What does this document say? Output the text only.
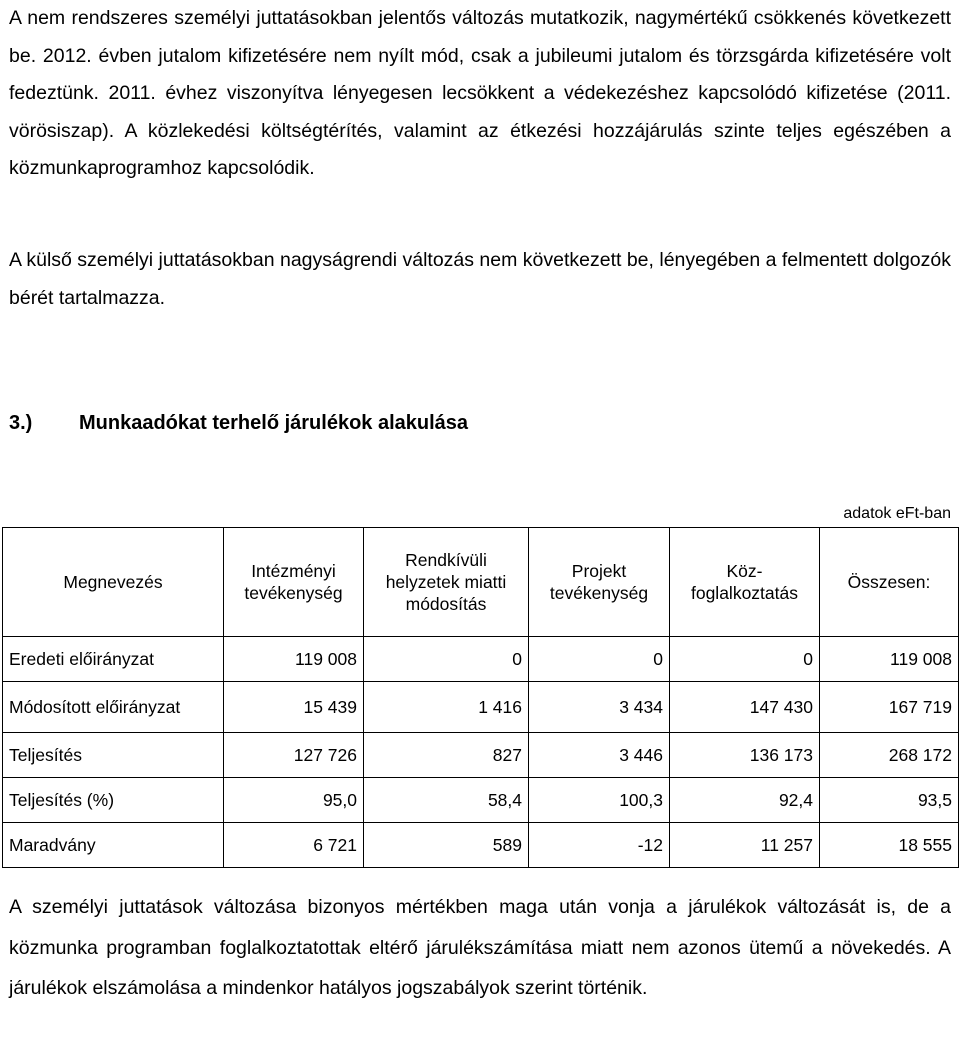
A nem rendszeres személyi juttatásokban jelentős változás mutatkozik, nagymértékű csökkenés következett be. 2012. évben jutalom kifizetésére nem nyílt mód, csak a jubileumi jutalom és törzsgárda kifizetésére volt fedeztünk. 2011. évhez viszonyítva lényegesen lecsökkent a védekezéshez kapcsolódó kifizetése (2011. vörösiszap). A közlekedési költségtérítés, valamint az étkezési hozzájárulás szinte teljes egészében a közmunkaprogramhoz kapcsolódik.

A külső személyi juttatásokban nagyságrendi változás nem következett be, lényegében a felmentett dolgozók bérét tartalmazza.

3.) Munkaadókat terhelő járulékok alakulása
adatok eFt-ban
Megnevezés	Intézményi tevékenység	Rendkívüli helyzetek miatti módosítás	Projekt tevékenység	Köz-foglalkoztatás	Összesen:
Eredeti előirányzat	119 008	0	0	0	119 008
Módosított előirányzat	15 439	1 416	3 434	147 430	167 719
Teljesítés	127 726	827	3 446	136 173	268 172
Teljesítés (%)	95,0	58,4	100,3	92,4	93,5
Maradvány	6 721	589	-12	11 257	18 555

A személyi juttatások változása bizonyos mértékben maga után vonja a járulékok változását is, de a közmunka programban foglalkoztatottak eltérő járulékszámítása miatt nem azonos ütemű a növekedés. A járulékok elszámolása a mindenkor hatályos jogszabályok szerint történik.
